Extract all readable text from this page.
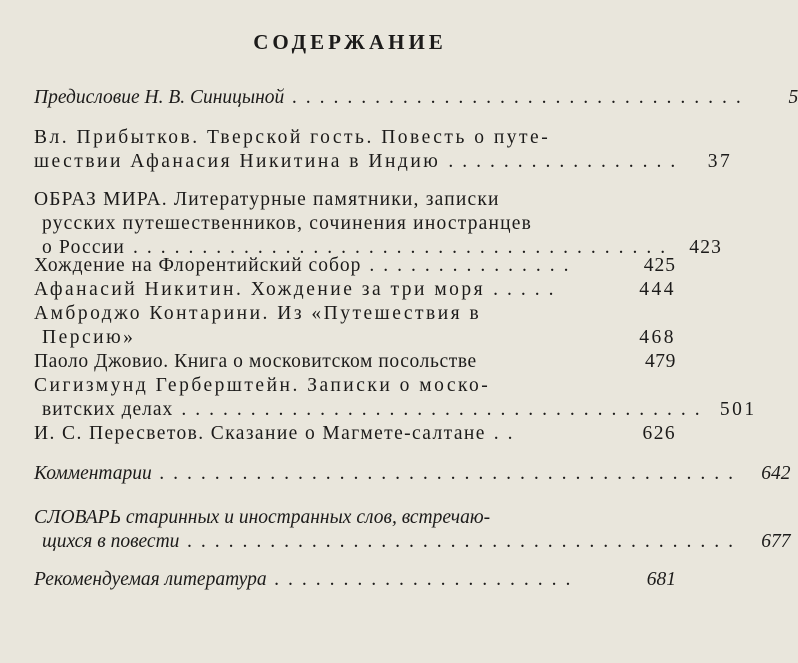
СОДЕРЖАНИЕ
Предисловие Н. В. Синицыной .................................	5
Вл. Прибытков. Тверской гость. Повесть о путе-
шествии Афанасия Никитина в Индию .................	37
ОБРАЗ МИРА. Литературные памятники, записки
русских путешественников, сочинения иностранцев
о России ....................................... 423
Хождение на Флорентийский собор ...............	425
Афанасий Никитин. Хождение за три моря .....	444
Амброджо Контарини. Из «Путешествия в
Персию»	468
Паоло Джовио. Книга о московитском посольстве	479
Сигизмунд Герберштейн. Записки о моско-
витских делах ...................................... 501
И. С. Пересветов. Сказание о Магмете-салтане ..	626
Комментарии .......................................... 642
СЛОВАРЬ старинных и иностранных слов, встречаю-
щихся в повести ........................................ 677
Рекомендуемая литература ......................	681
